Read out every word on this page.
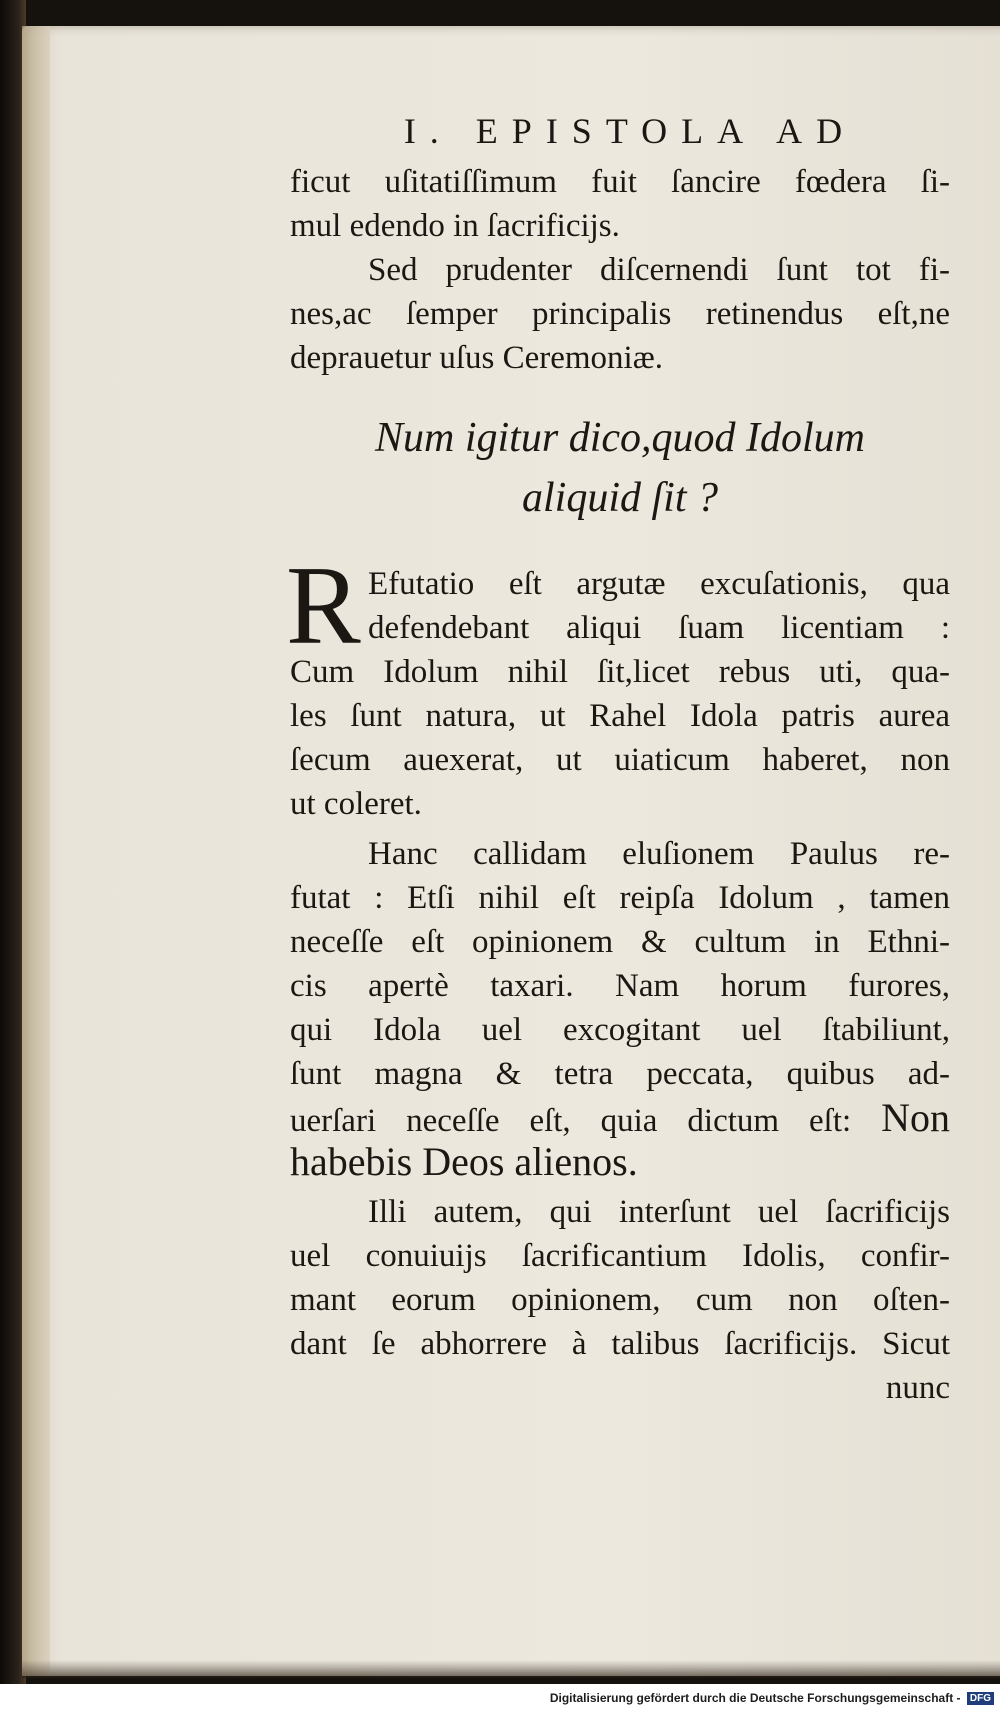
I. EPISTOLA AD
ficut uſitatiſſimum fuit ſancire fœdera ſi-
mul edendo in ſacrificijs.
Sed prudenter diſcernendi ſunt tot fi-
nes,ac ſemper principalis retinendus eſt,ne
deprauetur uſus Ceremoniæ.
Num igitur dico,quod Idolum
aliquid ſit ?
R Efutatio eſt argutæ excuſationis, qua
defendebant aliqui ſuam licentiam :
Cum Idolum nihil ſit,licet rebus uti, qua-
les ſunt natura, ut Rahel Idola patris aurea
ſecum auexerat, ut uiaticum haberet, non
ut coleret.
Hanc callidam eluſionem Paulus re-
futat : Etſi nihil eſt reipſa Idolum , tamen
neceſſe eſt opinionem & cultum in Ethni-
cis apertè taxari. Nam horum furores,
qui Idola uel excogitant uel ſtabiliunt,
ſunt magna & tetra peccata, quibus ad-
uerſari neceſſe eſt, quia dictum eſt: Non
habebis Deos alienos.
Illi autem, qui interſunt uel ſacrificijs
uel conuiuijs ſacrificantium Idolis, confir-
mant eorum opinionem, cum non oſten-
dant ſe abhorrere à talibus ſacrificijs. Sicut
nunc
Digitalisierung gefördert durch die Deutsche Forschungsgemeinschaft - DFG
